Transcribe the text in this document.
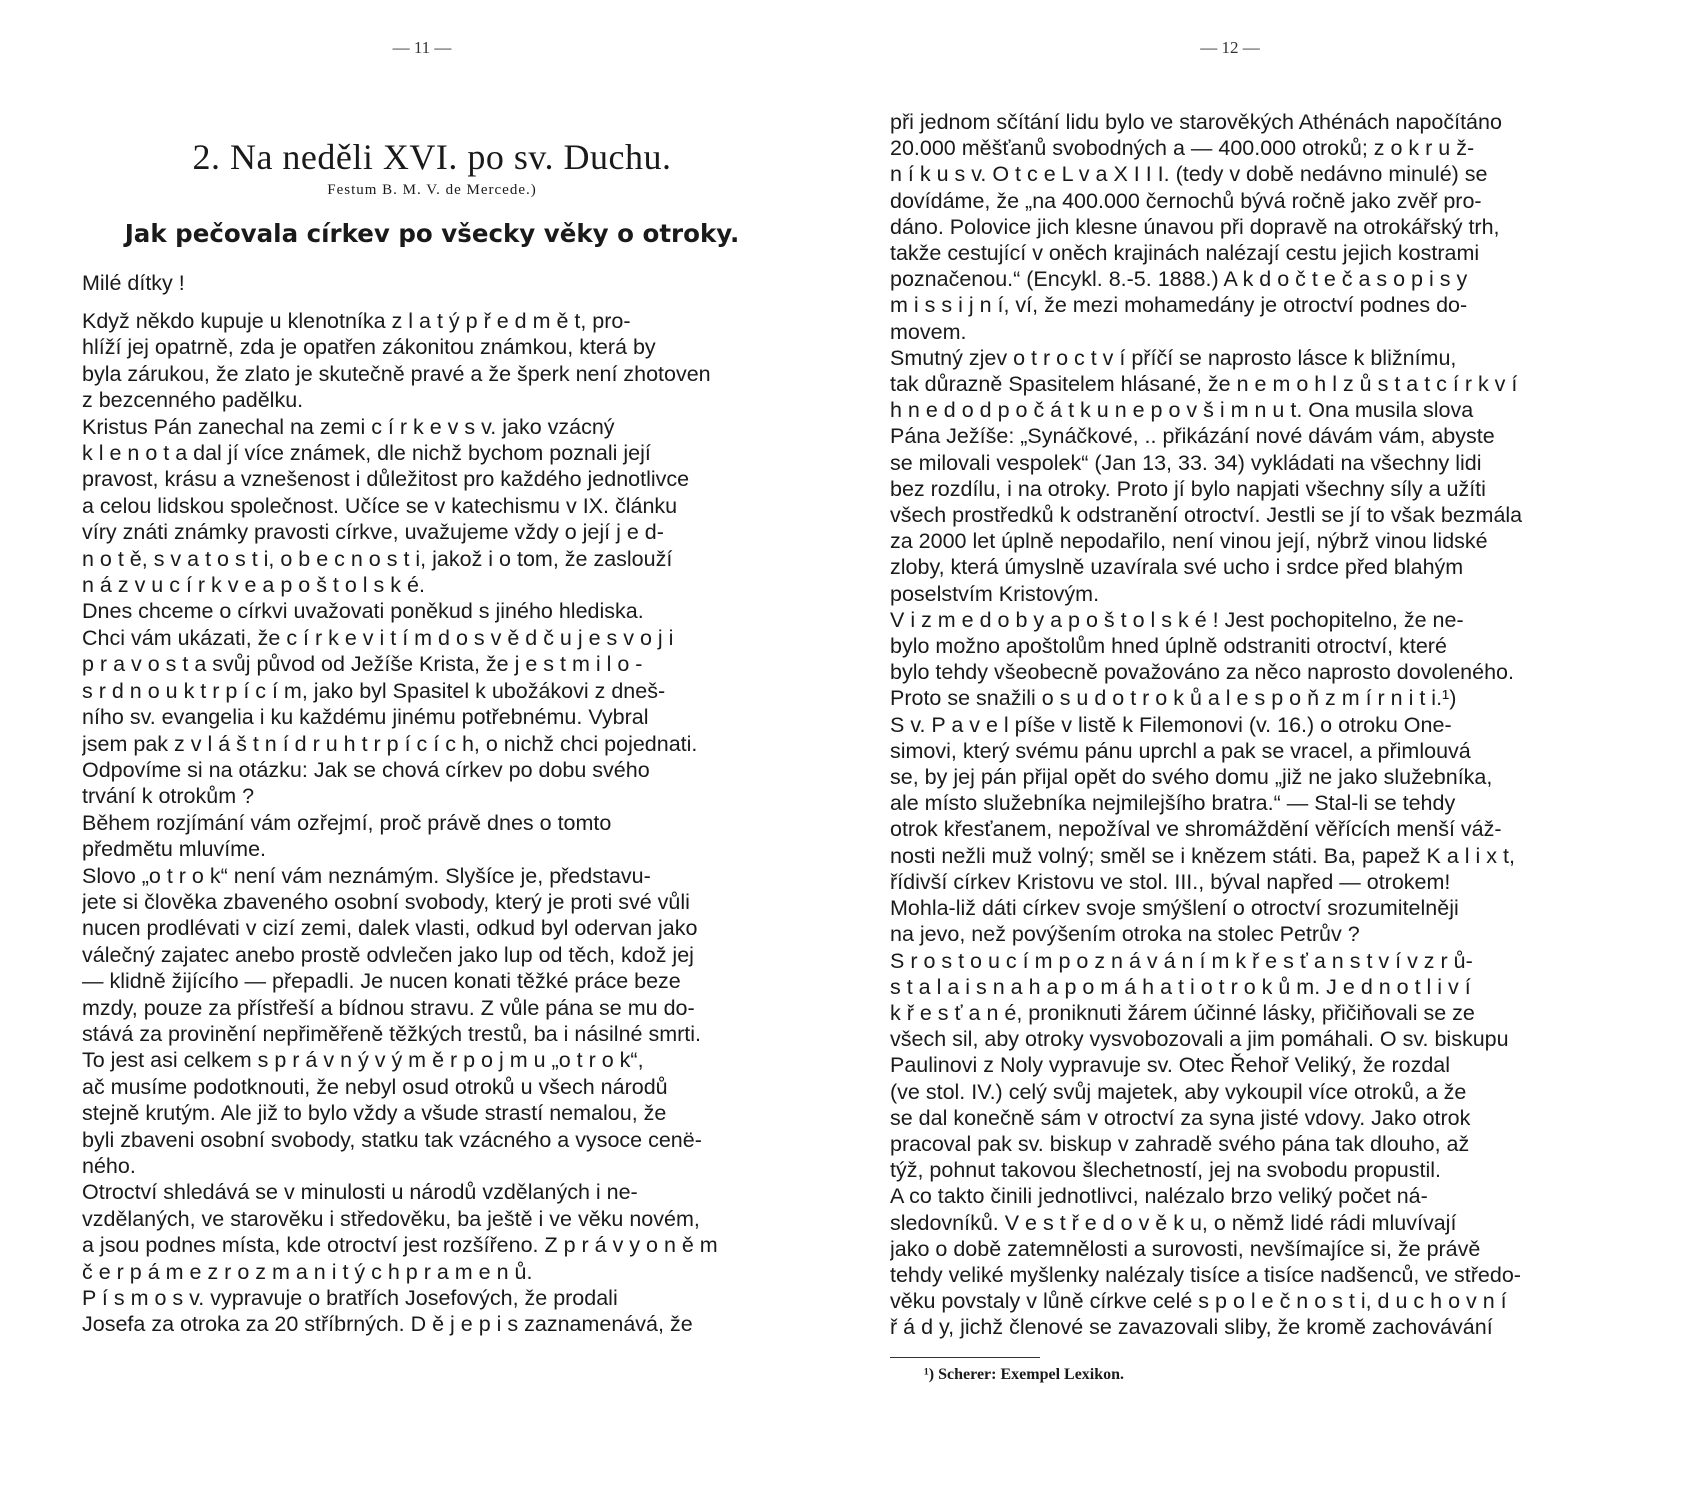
— 11 —
2. Na neděli XVI. po sv. Duchu.
Festum B. M. V. de Mercede.)
Jak pečovala církev po všecky věky o otroky.
Milé dítky !
Když někdo kupuje u klenotníka z l a t ý p ř e d m ě t, pro-
hlíží jej opatrně, zda je opatřen zákonitou známkou, která by
byla zárukou, že zlato je skutečně pravé a že šperk není zhotoven
z bezcenného padělku.
Kristus Pán zanechal na zemi c í r k e v s v. jako vzácný
k l e n o t a dal jí více známek, dle nichž bychom poznali její
pravost, krásu a vznešenost i důležitost pro každého jednotlivce
a celou lidskou společnost. Učíce se v katechismu v IX. článku
víry znáti známky pravosti církve, uvažujeme vždy o její j e d-
n o t ě, s v a t o s t i, o b e c n o s t i, jakož i o tom, že zaslouží
n á z v u c í r k v e a p o š t o l s k é.
Dnes chceme o církvi uvažovati poněkud s jiného hlediska.
Chci vám ukázati, že c í r k e v i t í m d o s v ě d č u j e s v o j i
p r a v o s t a svůj původ od Ježíše Krista, že j e s t m i l o -
s r d n o u k t r p í c í m, jako byl Spasitel k ubožákovi z dneš-
ního sv. evangelia i ku každému jinému potřebnému. Vybral
jsem pak z v l á š t n í d r u h t r p í c í c h, o nichž chci pojednati.
Odpovíme si na otázku: Jak se chová církev po dobu svého
trvání k otrokům ?
Během rozjímání vám ozřejmí, proč právě dnes o tomto
předmětu mluvíme.
Slovo „o t r o k“ není vám neznámým. Slyšíce je, představu-
jete si člověka zbaveného osobní svobody, který je proti své vůli
nucen prodlévati v cizí zemi, dalek vlasti, odkud byl odervan jako
válečný zajatec anebo prostě odvlečen jako lup od těch, kdož jej
— klidně žijícího — přepadli. Je nucen konati těžké práce beze
mzdy, pouze za přístřeší a bídnou stravu. Z vůle pána se mu do-
stává za provinění nepřiměřeně těžkých trestů, ba i násilné smrti.
To jest asi celkem s p r á v n ý v ý m ě r p o j m u „o t r o k“,
ač musíme podotknouti, že nebyl osud otroků u všech národů
stejně krutým. Ale již to bylo vždy a všude strastí nemalou, že
byli zbaveni osobní svobody, statku tak vzácného a vysoce cenë-
ného.
Otroctví shledává se v minulosti u národů vzdělaných i ne-
vzdělaných, ve starověku i středověku, ba ještě i ve věku novém,
a jsou podnes místa, kde otroctví jest rozšířeno. Z p r á v y o n ě m
č e r p á m e z r o z m a n i t ý c h p r a m e n ů.
P í s m o s v. vypravuje o bratřích Josefových, že prodali
Josefa za otroka za 20 stříbrných. D ě j e p i s zaznamenává, že
— 12 —
při jednom sčítání lidu bylo ve starověkých Athénách napočítáno
20.000 měšťanů svobodných a — 400.000 otroků; z o k r u ž-
n í k u s v. O t c e L v a X I I I. (tedy v době nedávno minulé) se
dovídáme, že „na 400.000 černochů bývá ročně jako zvěř pro-
dáno. Polovice jich klesne únavou při dopravě na otrokářský trh,
takže cestující v oněch krajinách nalézají cestu jejich kostrami
poznačenou.“ (Encykl. 8.-5. 1888.) A k d o č t e č a s o p i s y
m i s s i j n í, ví, že mezi mohamedány je otroctví podnes do-
movem.
Smutný zjev o t r o c t v í příčí se naprosto lásce k bližnímu,
tak důrazně Spasitelem hlásané, že n e m o h l z ů s t a t c í r k v í
h n e d o d p o č á t k u n e p o v š i m n u t. Ona musila slova
Pána Ježíše: „Synáčkové, .. přikázání nové dávám vám, abyste
se milovali vespolek“ (Jan 13, 33. 34) vykládati na všechny lidi
bez rozdílu, i na otroky. Proto jí bylo napjati všechny síly a užíti
všech prostředků k odstranění otroctví. Jestli se jí to však bezmála
za 2000 let úplně nepodařilo, není vinou její, nýbrž vinou lidské
zloby, která úmyslně uzavírala své ucho i srdce před blahým
poselstvím Kristovým.
V i z m e d o b y a p o š t o l s k é ! Jest pochopitelno, že ne-
bylo možno apoštolům hned úplně odstraniti otroctví, které
bylo tehdy všeobecně považováno za něco naprosto dovoleného.
Proto se snažili o s u d o t r o k ů a l e s p o ň z m í r n i t i.¹)
S v. P a v e l píše v listě k Filemonovi (v. 16.) o otroku One-
simovi, který svému pánu uprchl a pak se vracel, a přimlouvá
se, by jej pán přijal opět do svého domu „již ne jako služebníka,
ale místo služebníka nejmilejšího bratra.“ — Stal-li se tehdy
otrok křesťanem, nepožíval ve shromáždění věřících menší váž-
nosti nežli muž volný; směl se i knězem státi. Ba, papež K a l i x t,
řídivší církev Kristovu ve stol. III., býval napřed — otrokem!
Mohla-liž dáti církev svoje smýšlení o otroctví srozumitelněji
na jevo, než povýšením otroka na stolec Petrův ?
S r o s t o u c í m p o z n á v á n í m k ř e s ť a n s t v í v z r ů-
s t a l a i s n a h a p o m á h a t i o t r o k ů m. J e d n o t l i v í
k ř e s ť a n é, proniknuti žárem účinné lásky, přičiňovali se ze
všech sil, aby otroky vysvobozovali a jim pomáhali. O sv. biskupu
Paulinovi z Noly vypravuje sv. Otec Řehoř Veliký, že rozdal
(ve stol. IV.) celý svůj majetek, aby vykoupil více otroků, a že
se dal konečně sám v otroctví za syna jisté vdovy. Jako otrok
pracoval pak sv. biskup v zahradě svého pána tak dlouho, až
týž, pohnut takovou šlechetností, jej na svobodu propustil.
A co takto činili jednotlivci, nalézalo brzo veliký počet ná-
sledovníků. V e s t ř e d o v ě k u, o němž lidé rádi mluvívají
jako o době zatemnělosti a surovosti, nevšímajíce si, že právě
tehdy veliké myšlenky nalézaly tisíce a tisíce nadšenců, ve středo-
věku povstaly v lůně církve celé s p o l e č n o s t i, d u c h o v n í
ř á d y, jichž členové se zavazovali sliby, že kromě zachovávání
¹) Scherer: Exempel Lexikon.
